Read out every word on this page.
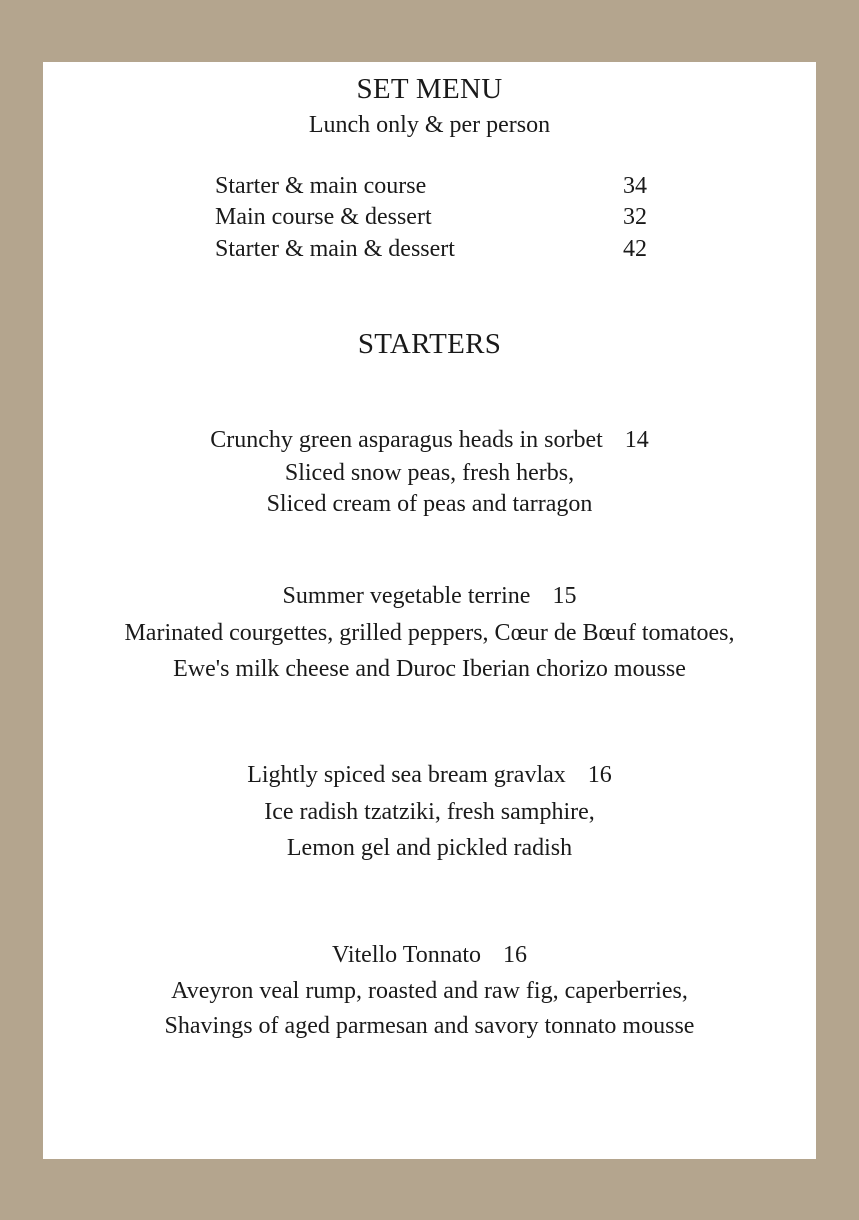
SET MENU
Lunch only & per person
Starter & main course	34
Main course & dessert	32
Starter & main & dessert	42
STARTERS
Crunchy green asparagus heads in sorbet 14
Sliced snow peas, fresh herbs,
Sliced cream of peas and tarragon
Summer vegetable terrine 15
Marinated courgettes, grilled peppers, Cœur de Bœuf tomatoes,
Ewe's milk cheese and Duroc Iberian chorizo mousse
Lightly spiced sea bream gravlax 16
Ice radish tzatziki, fresh samphire,
Lemon gel and pickled radish
Vitello Tonnato 16
Aveyron veal rump, roasted and raw fig, caperberries,
Shavings of aged parmesan and savory tonnato mousse
